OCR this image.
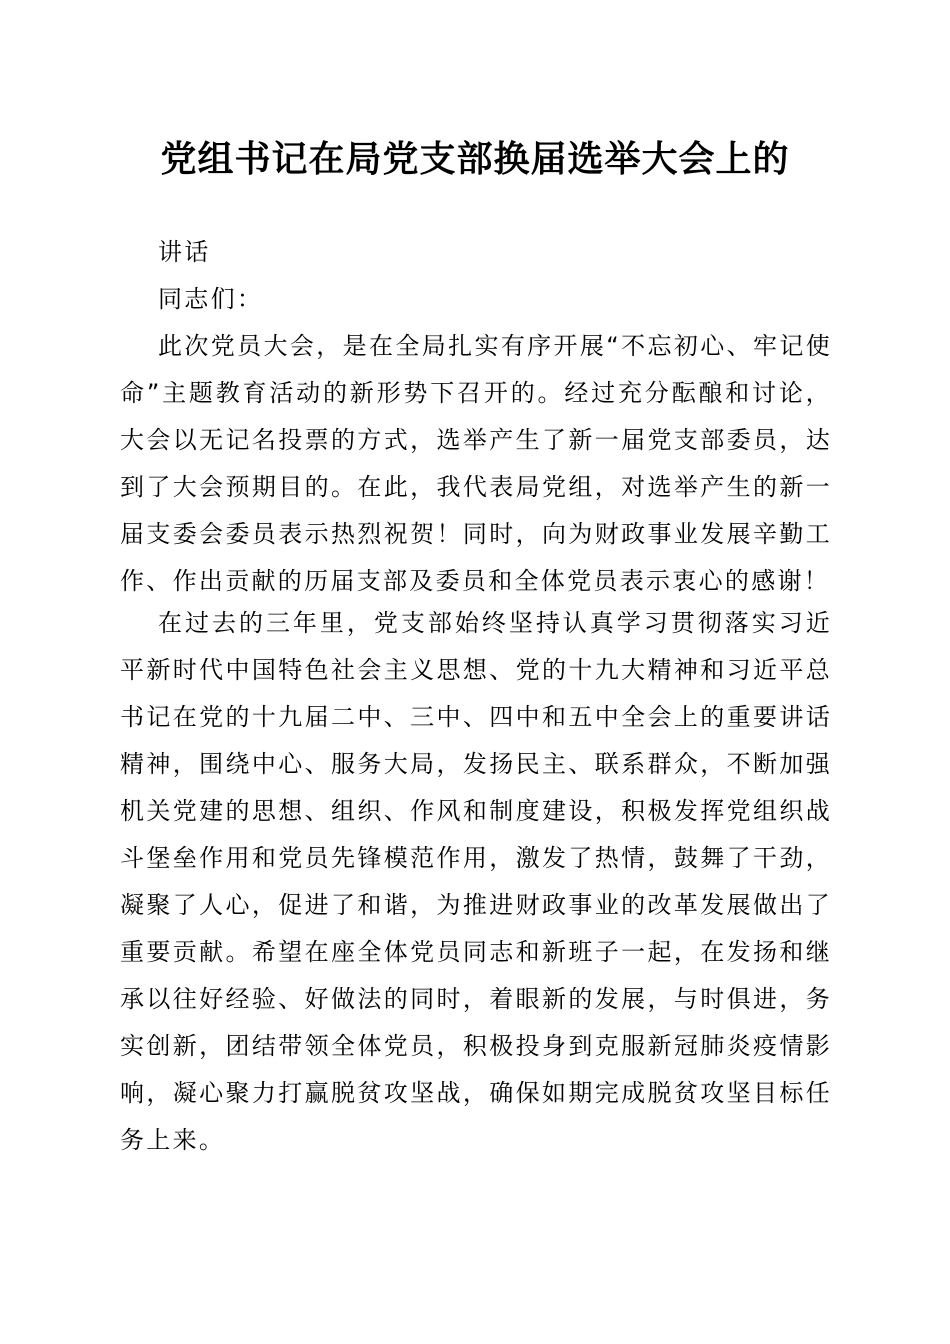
党组书记在局党支部换届选举大会上的

讲话

同志们：

此次党员大会，是在全局扎实有序开展“不忘初心、牢记使命”主题教育活动的新形势下召开的。经过充分酝酿和讨论，大会以无记名投票的方式，选举产生了新一届党支部委员，达到了大会预期目的。在此，我代表局党组，对选举产生的新一届支委会委员表示热烈祝贺！同时，向为财政事业发展辛勤工作、作出贡献的历届支部及委员和全体党员表示衷心的感谢！

在过去的三年里，党支部始终坚持认真学习贯彻落实习近平新时代中国特色社会主义思想、党的十九大精神和习近平总书记在党的十九届二中、三中、四中和五中全会上的重要讲话精神，围绕中心、服务大局，发扬民主、联系群众，不断加强机关党建的思想、组织、作风和制度建设，积极发挥党组织战斗堡垒作用和党员先锋模范作用，激发了热情，鼓舞了干劲，凝聚了人心，促进了和谐，为推进财政事业的改革发展做出了重要贡献。希望在座全体党员同志和新班子一起，在发扬和继承以往好经验、好做法的同时，着眼新的发展，与时俱进，务实创新，团结带领全体党员，积极投身到克服新冠肺炎疫情影响，凝心聚力打赢脱贫攻坚战，确保如期完成脱贫攻坚目标任务上来。
